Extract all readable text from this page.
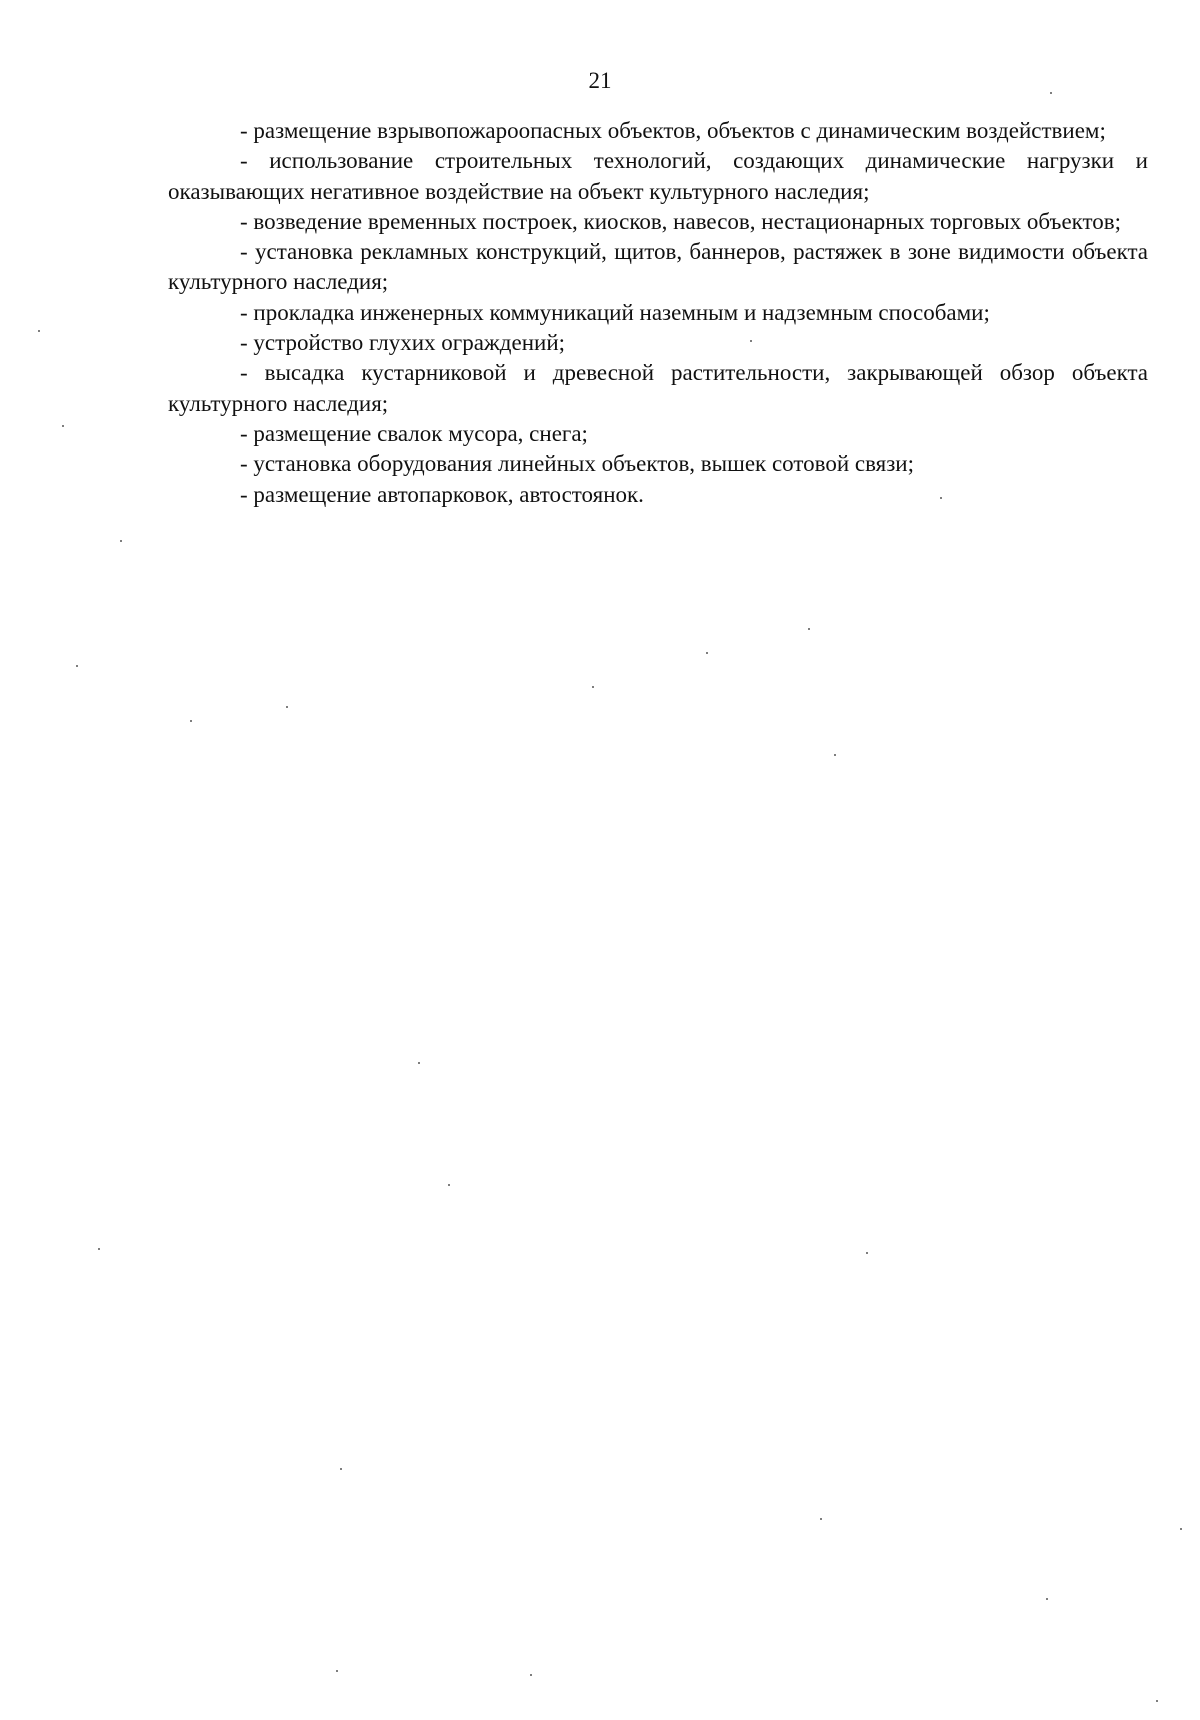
21

- размещение взрывопожароопасных объектов, объектов с динамическим воздействием;

- использование строительных технологий, создающих динамические нагрузки и оказывающих негативное воздействие на объект культурного наследия;

- возведение временных построек, киосков, навесов, нестационарных торговых объектов;

- установка рекламных конструкций, щитов, баннеров, растяжек в зоне видимости объекта культурного наследия;

- прокладка инженерных коммуникаций наземным и надземным способами;

- устройство глухих ограждений;

- высадка кустарниковой и древесной растительности, закрывающей обзор объекта культурного наследия;

- размещение свалок мусора, снега;

- установка оборудования линейных объектов, вышек сотовой связи;

- размещение автопарковок, автостоянок.
